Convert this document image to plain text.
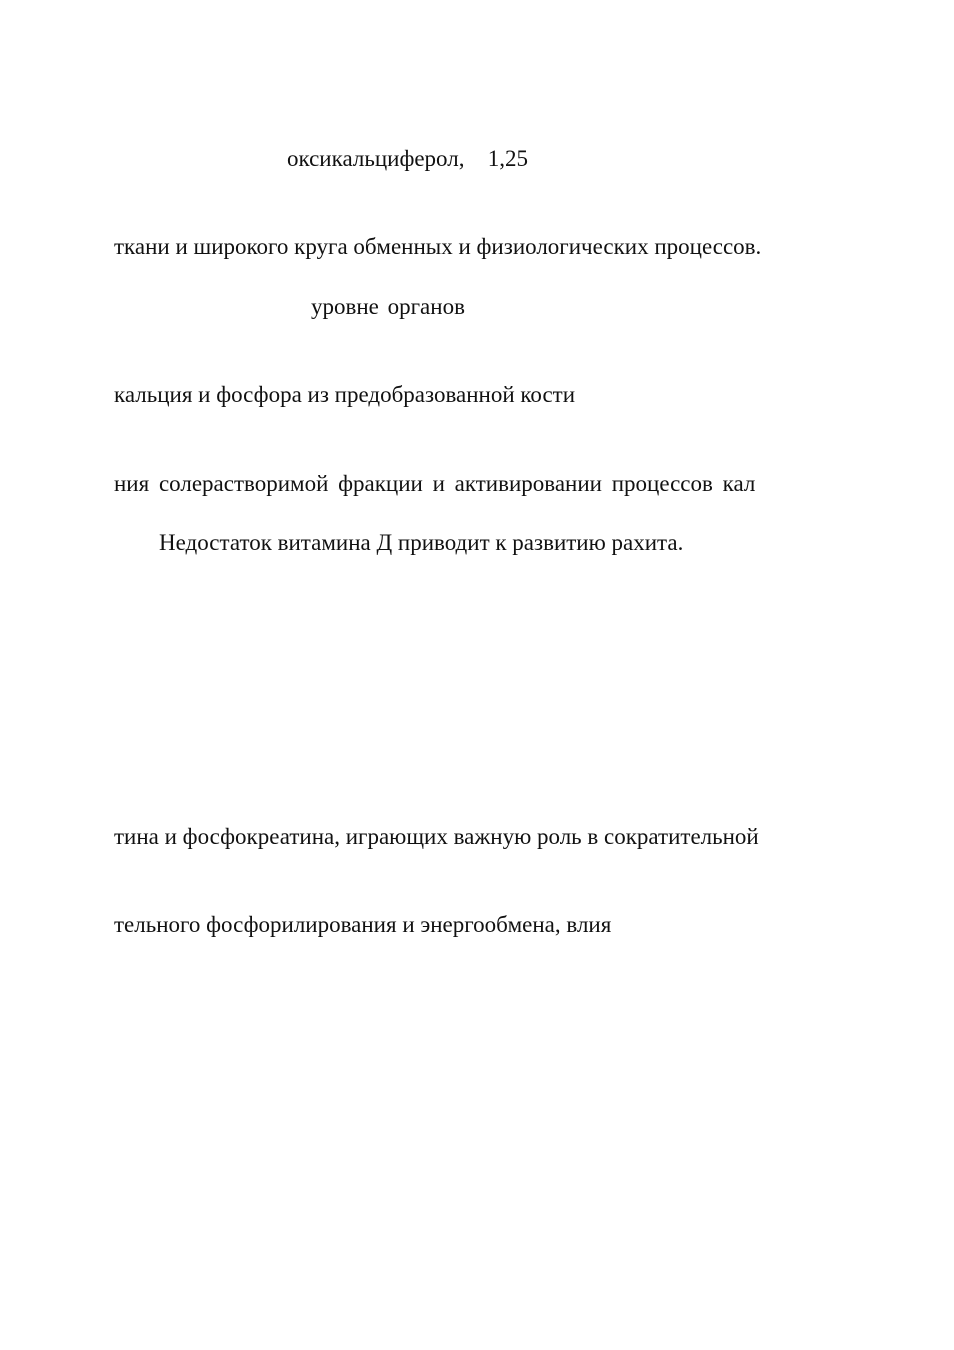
оксикальциферол,   1,25
ткани и широкого круга обменных и физиологических процессов.
уровне органов
кальция и фосфора из предобразованной кости
ния солерастворимой фракции и активировании процессов кал
Недостаток витамина Д приводит к развитию рахита.
тина и фосфокреатина, играющих важную роль в сократительной
тельного фосфорилирования и энергообмена, влия
